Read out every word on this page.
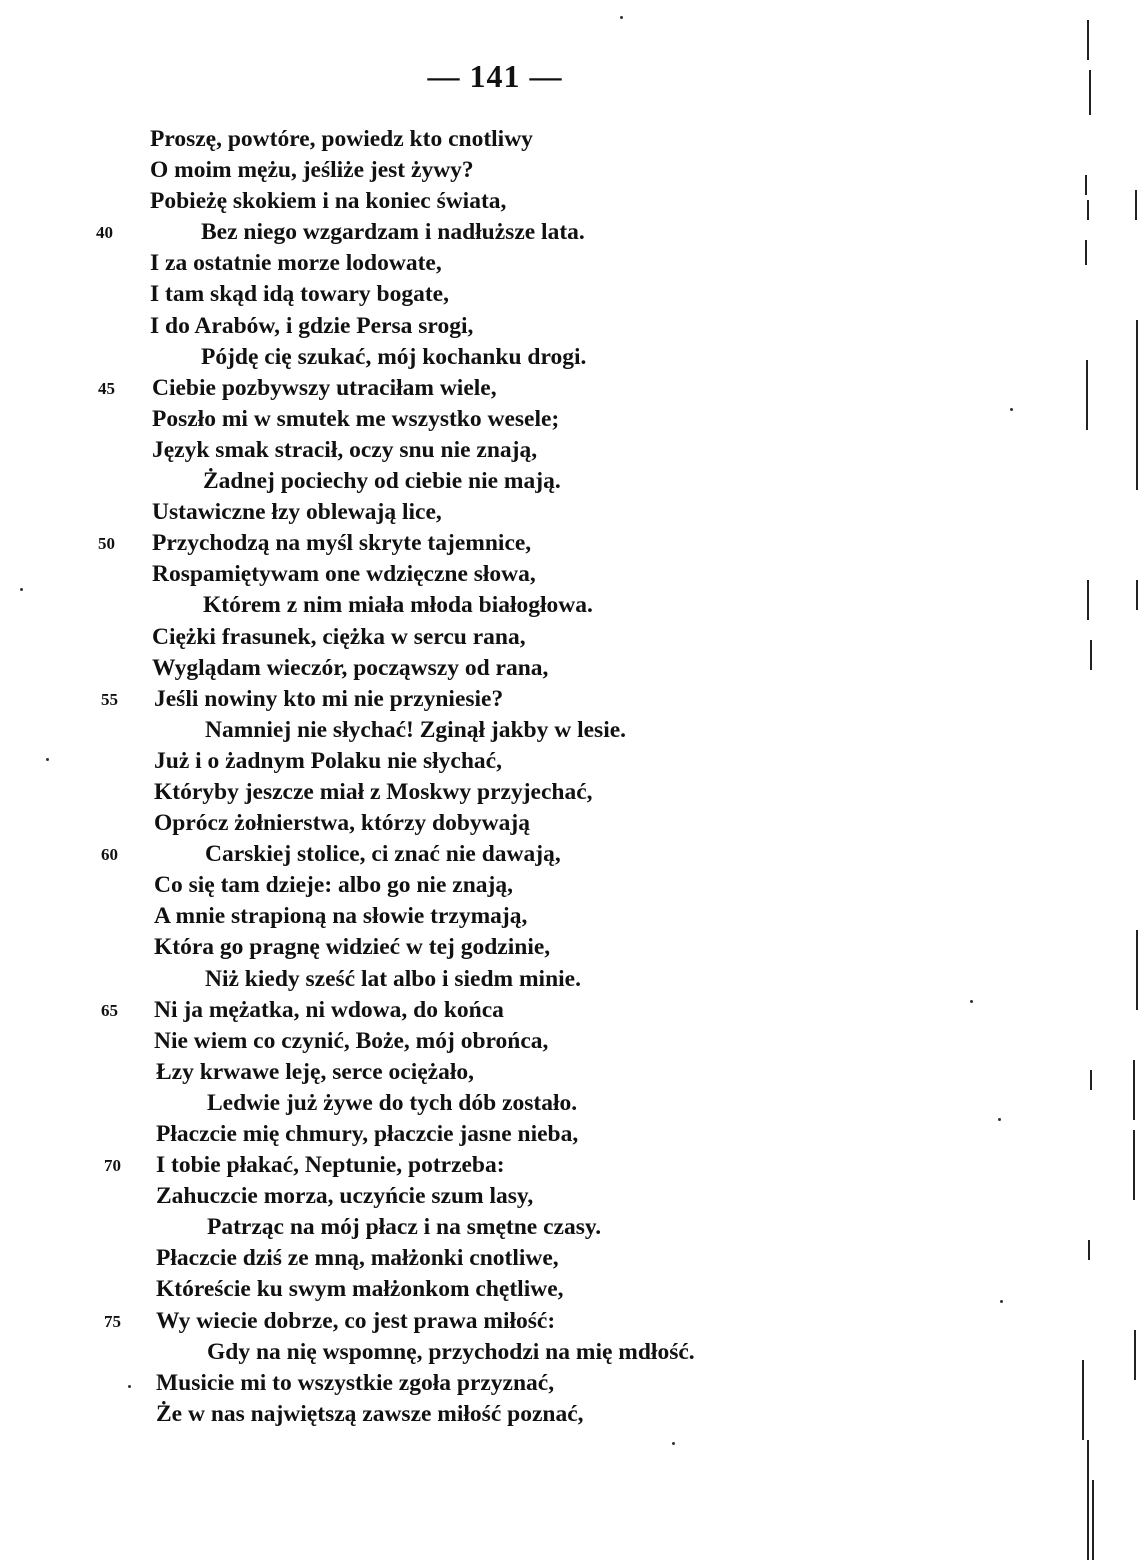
— 141 —
Proszę, powtóre, powiedz kto cnotliwy
O moim mężu, jeśliże jest żywy?
Pobieżę skokiem i na koniec świata,
40	Bez niego wzgardzam i nadłuższe lata.
I za ostatnie morze lodowate,
I tam skąd idą towary bogate,
I do Arabów, i gdzie Persa srogi,
Pójdę cię szukać, mój kochanku drogi.
45	Ciebie pozbywszy utraciłam wiele,
Poszło mi w smutek me wszystko wesele;
Język smak stracił, oczy snu nie znają,
Żadnej pociechy od ciebie nie mają.
Ustawiczne łzy oblewają lice,
50	Przychodzą na myśl skryte tajemnice,
Rospamiętywam one wdzięczne słowa,
Którem z nim miała młoda białogłowa.
Ciężki frasunek, ciężka w sercu rana,
Wyglądam wieczór, począwszy od rana,
55	Jeśli nowiny kto mi nie przyniesie?
Namniej nie słychać! Zginął jakby w lesie.
Już i o żadnym Polaku nie słychać,
Któryby jeszcze miał z Moskwy przyjechać,
Oprócz żołnierstwa, którzy dobywają
60	Carskiej stolice, ci znać nie dawają,
Co się tam dzieje: albo go nie znają,
A mnie strapioną na słowie trzymają,
Która go pragnę widzieć w tej godzinie,
Niż kiedy sześć lat albo i siedm minie.
65	Ni ja mężatka, ni wdowa, do końca
Nie wiem co czynić, Boże, mój obrońca,
Łzy krwawe leję, serce ociężało,
Ledwie już żywe do tych dób zostało.
Płaczcie mię chmury, płaczcie jasne nieba,
70	I tobie płakać, Neptunie, potrzeba:
Zahuczcie morza, uczyńcie szum lasy,
Patrząc na mój płacz i na smętne czasy.
Płaczcie dziś ze mną, małżonki cnotliwe,
Któreście ku swym małżonkom chętliwe,
75	Wy wiecie dobrze, co jest prawa miłość:
Gdy na nię wspomnę, przychodzi na mię mdłość.
Musicie mi to wszystkie zgoła przyznać,
Że w nas najwiętszą zawsze miłość poznać,
